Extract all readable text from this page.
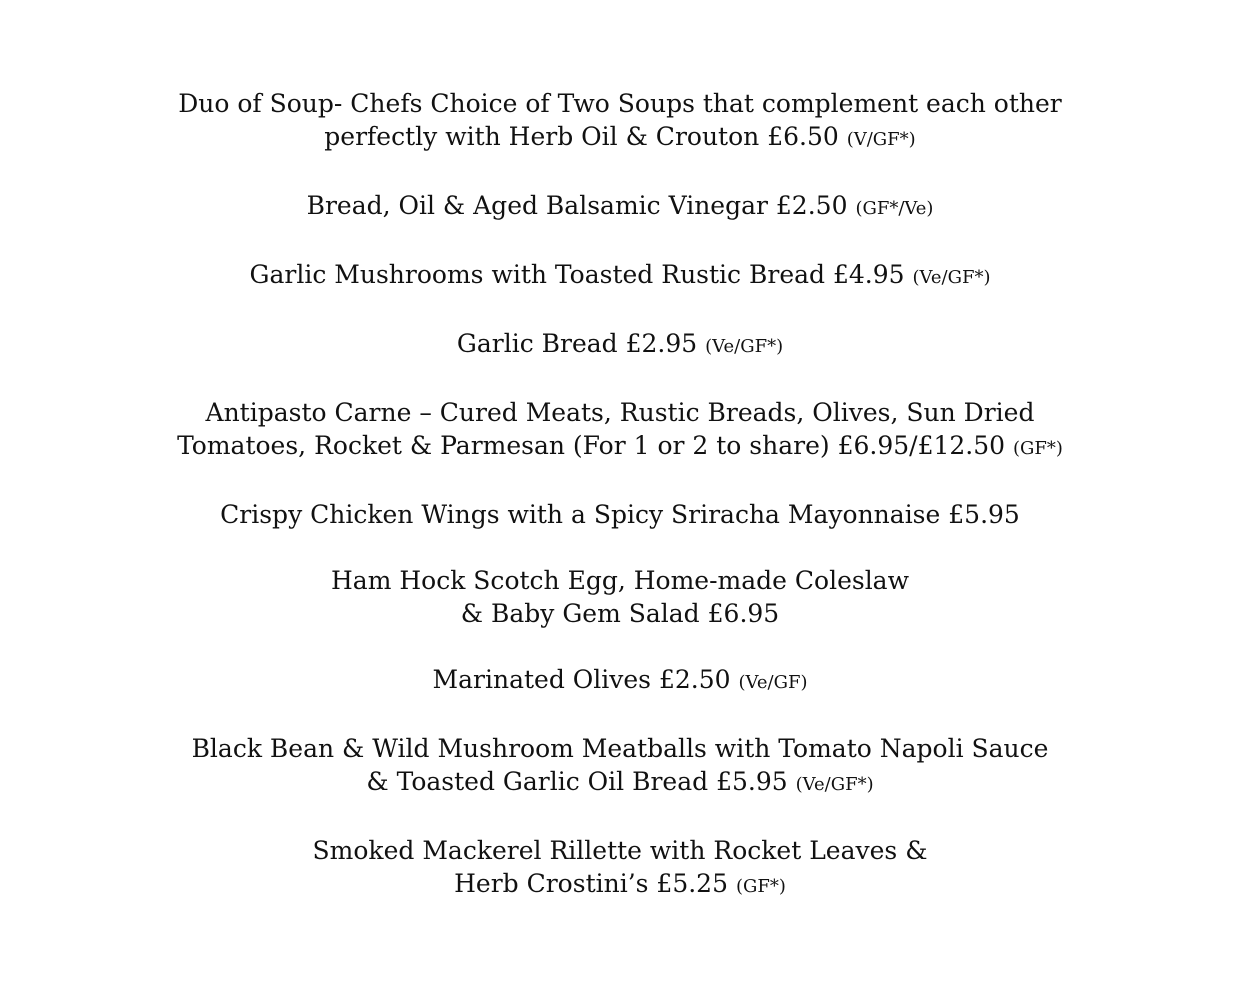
Duo of Soup- Chefs Choice of Two Soups that complement each other
perfectly with Herb Oil & Crouton £6.50 (V/GF*)
Bread, Oil & Aged Balsamic Vinegar £2.50 (GF*/Ve)
Garlic Mushrooms with Toasted Rustic Bread £4.95 (Ve/GF*)
Garlic Bread £2.95 (Ve/GF*)
Antipasto Carne – Cured Meats, Rustic Breads, Olives, Sun Dried
Tomatoes, Rocket & Parmesan (For 1 or 2 to share) £6.95/£12.50 (GF*)
Crispy Chicken Wings with a Spicy Sriracha Mayonnaise £5.95
Ham Hock Scotch Egg, Home-made Coleslaw
& Baby Gem Salad £6.95
Marinated Olives £2.50 (Ve/GF)
Black Bean & Wild Mushroom Meatballs with Tomato Napoli Sauce
& Toasted Garlic Oil Bread £5.95 (Ve/GF*)
Smoked Mackerel Rillette with Rocket Leaves &
Herb Crostini’s £5.25 (GF*)
